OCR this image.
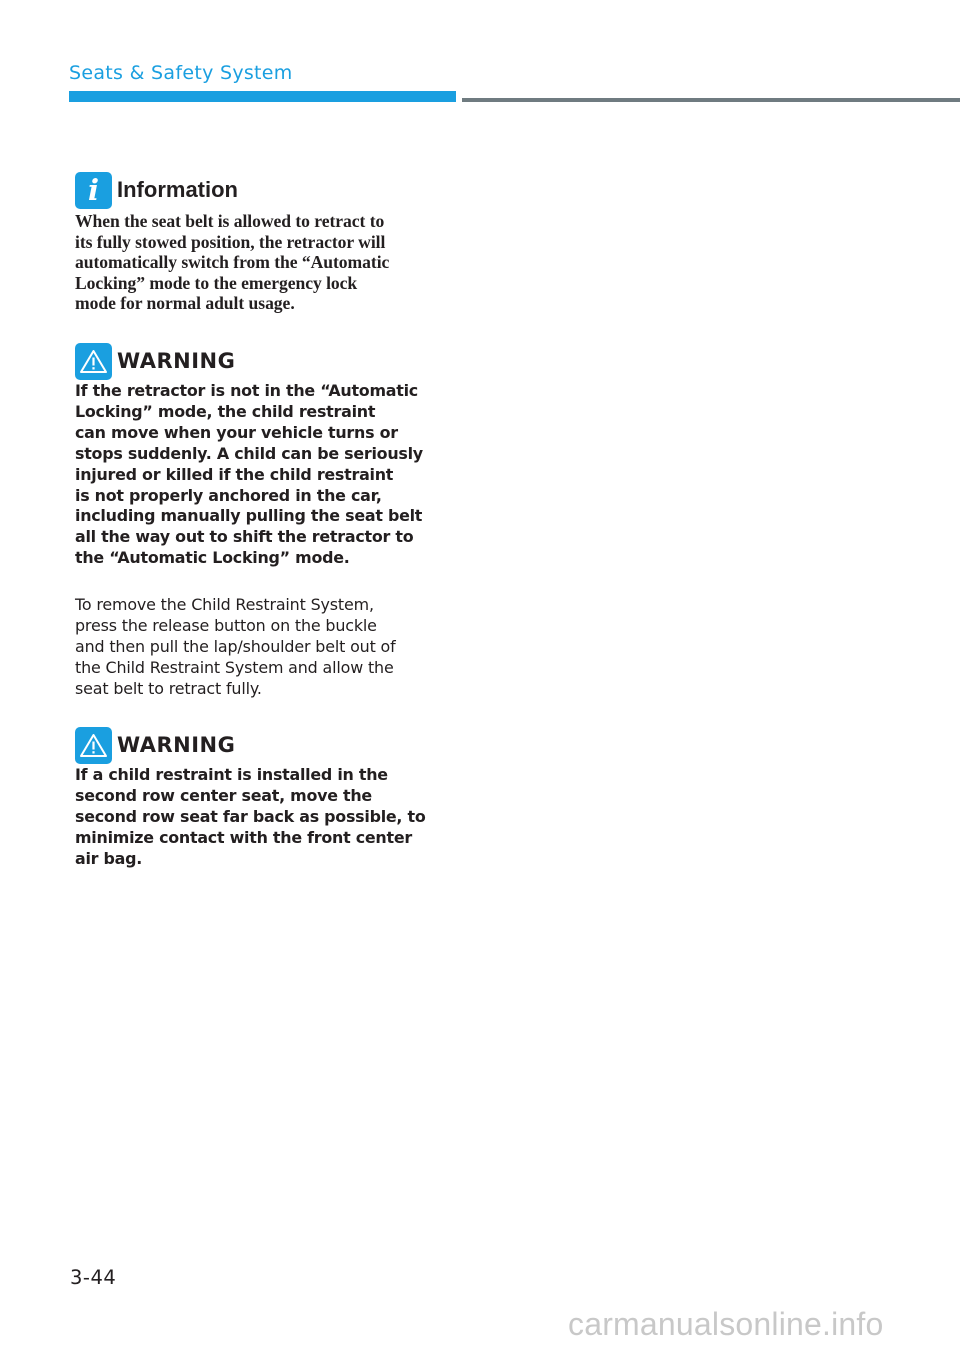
Seats & Safety System
i Information
When the seat belt is allowed to retract to
its fully stowed position, the retractor will
automatically switch from the “Automatic
Locking” mode to the emergency lock
mode for normal adult usage.
WARNING
If the retractor is not in the “Automatic
Locking” mode, the child restraint
can move when your vehicle turns or
stops suddenly. A child can be seriously
injured or killed if the child restraint
is not properly anchored in the car,
including manually pulling the seat belt
all the way out to shift the retractor to
the “Automatic Locking” mode.
To remove the Child Restraint System,
press the release button on the buckle
and then pull the lap/shoulder belt out of
the Child Restraint System and allow the
seat belt to retract fully.
WARNING
If a child restraint is installed in the
second row center seat, move the
second row seat far back as possible, to
minimize contact with the front center
air bag.
3-44
carmanualsonline.info
